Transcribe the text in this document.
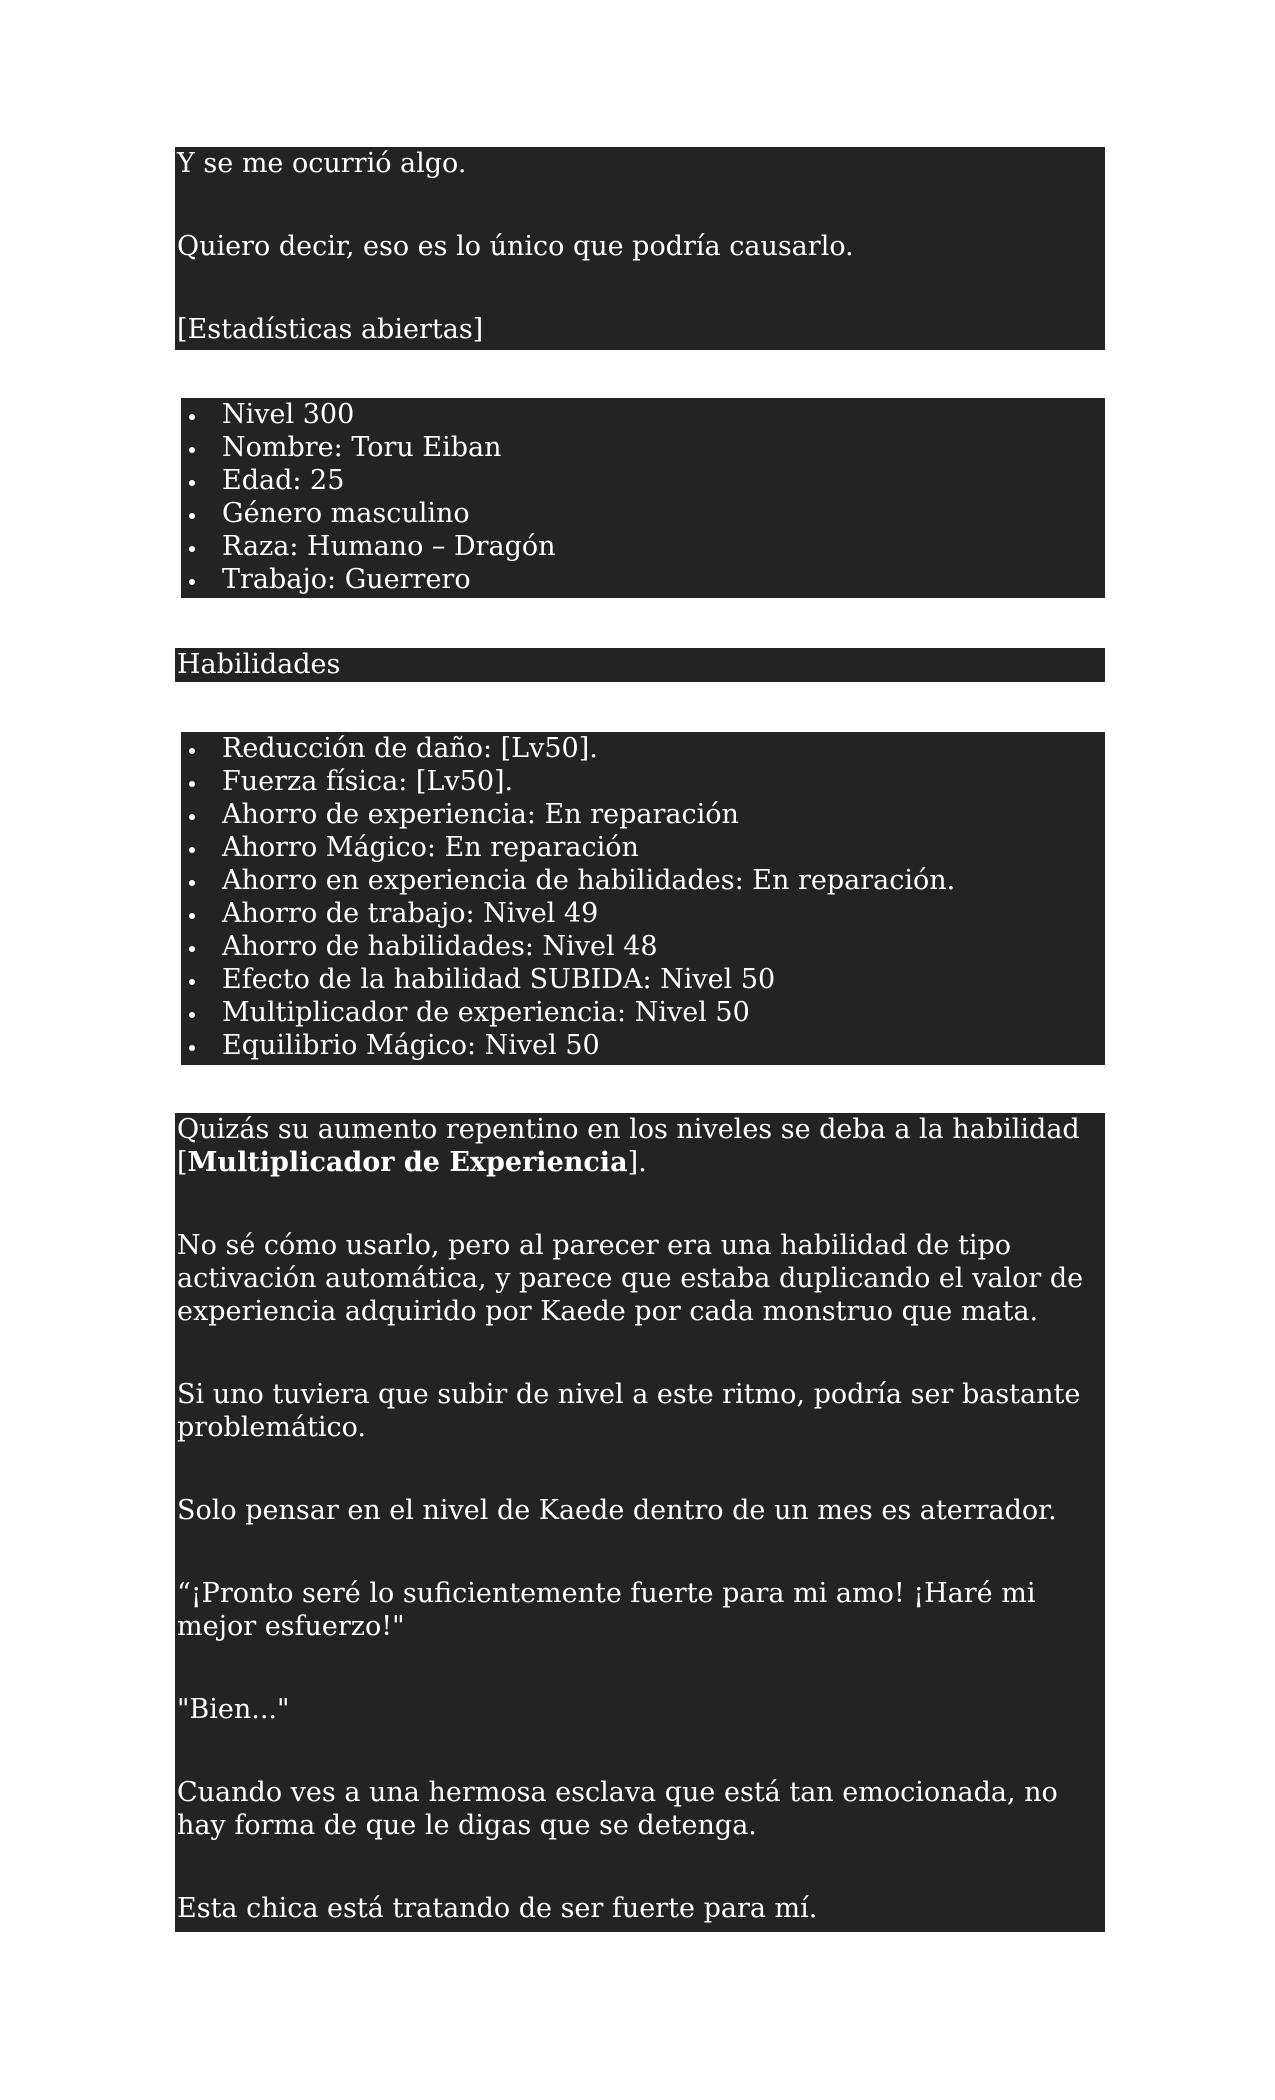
Y se me ocurrió algo.

Quiero decir, eso es lo único que podría causarlo.

[Estadísticas abiertas]

Nivel 300
Nombre: Toru Eiban
Edad: 25
Género masculino
Raza: Humano – Dragón
Trabajo: Guerrero

Habilidades

Reducción de daño: [Lv50].
Fuerza física: [Lv50].
Ahorro de experiencia: En reparación
Ahorro Mágico: En reparación
Ahorro en experiencia de habilidades: En reparación.
Ahorro de trabajo: Nivel 49
Ahorro de habilidades: Nivel 48
Efecto de la habilidad SUBIDA: Nivel 50
Multiplicador de experiencia: Nivel 50
Equilibrio Mágico: Nivel 50

Quizás su aumento repentino en los niveles se deba a la habilidad [Multiplicador de Experiencia].

No sé cómo usarlo, pero al parecer era una habilidad de tipo activación automática, y parece que estaba duplicando el valor de experiencia adquirido por Kaede por cada monstruo que mata.

Si uno tuviera que subir de nivel a este ritmo, podría ser bastante problemático.

Solo pensar en el nivel de Kaede dentro de un mes es aterrador.

“¡Pronto seré lo suficientemente fuerte para mi amo! ¡Haré mi mejor esfuerzo!"

"Bien..."

Cuando ves a una hermosa esclava que está tan emocionada, no hay forma de que le digas que se detenga.

Esta chica está tratando de ser fuerte para mí.
